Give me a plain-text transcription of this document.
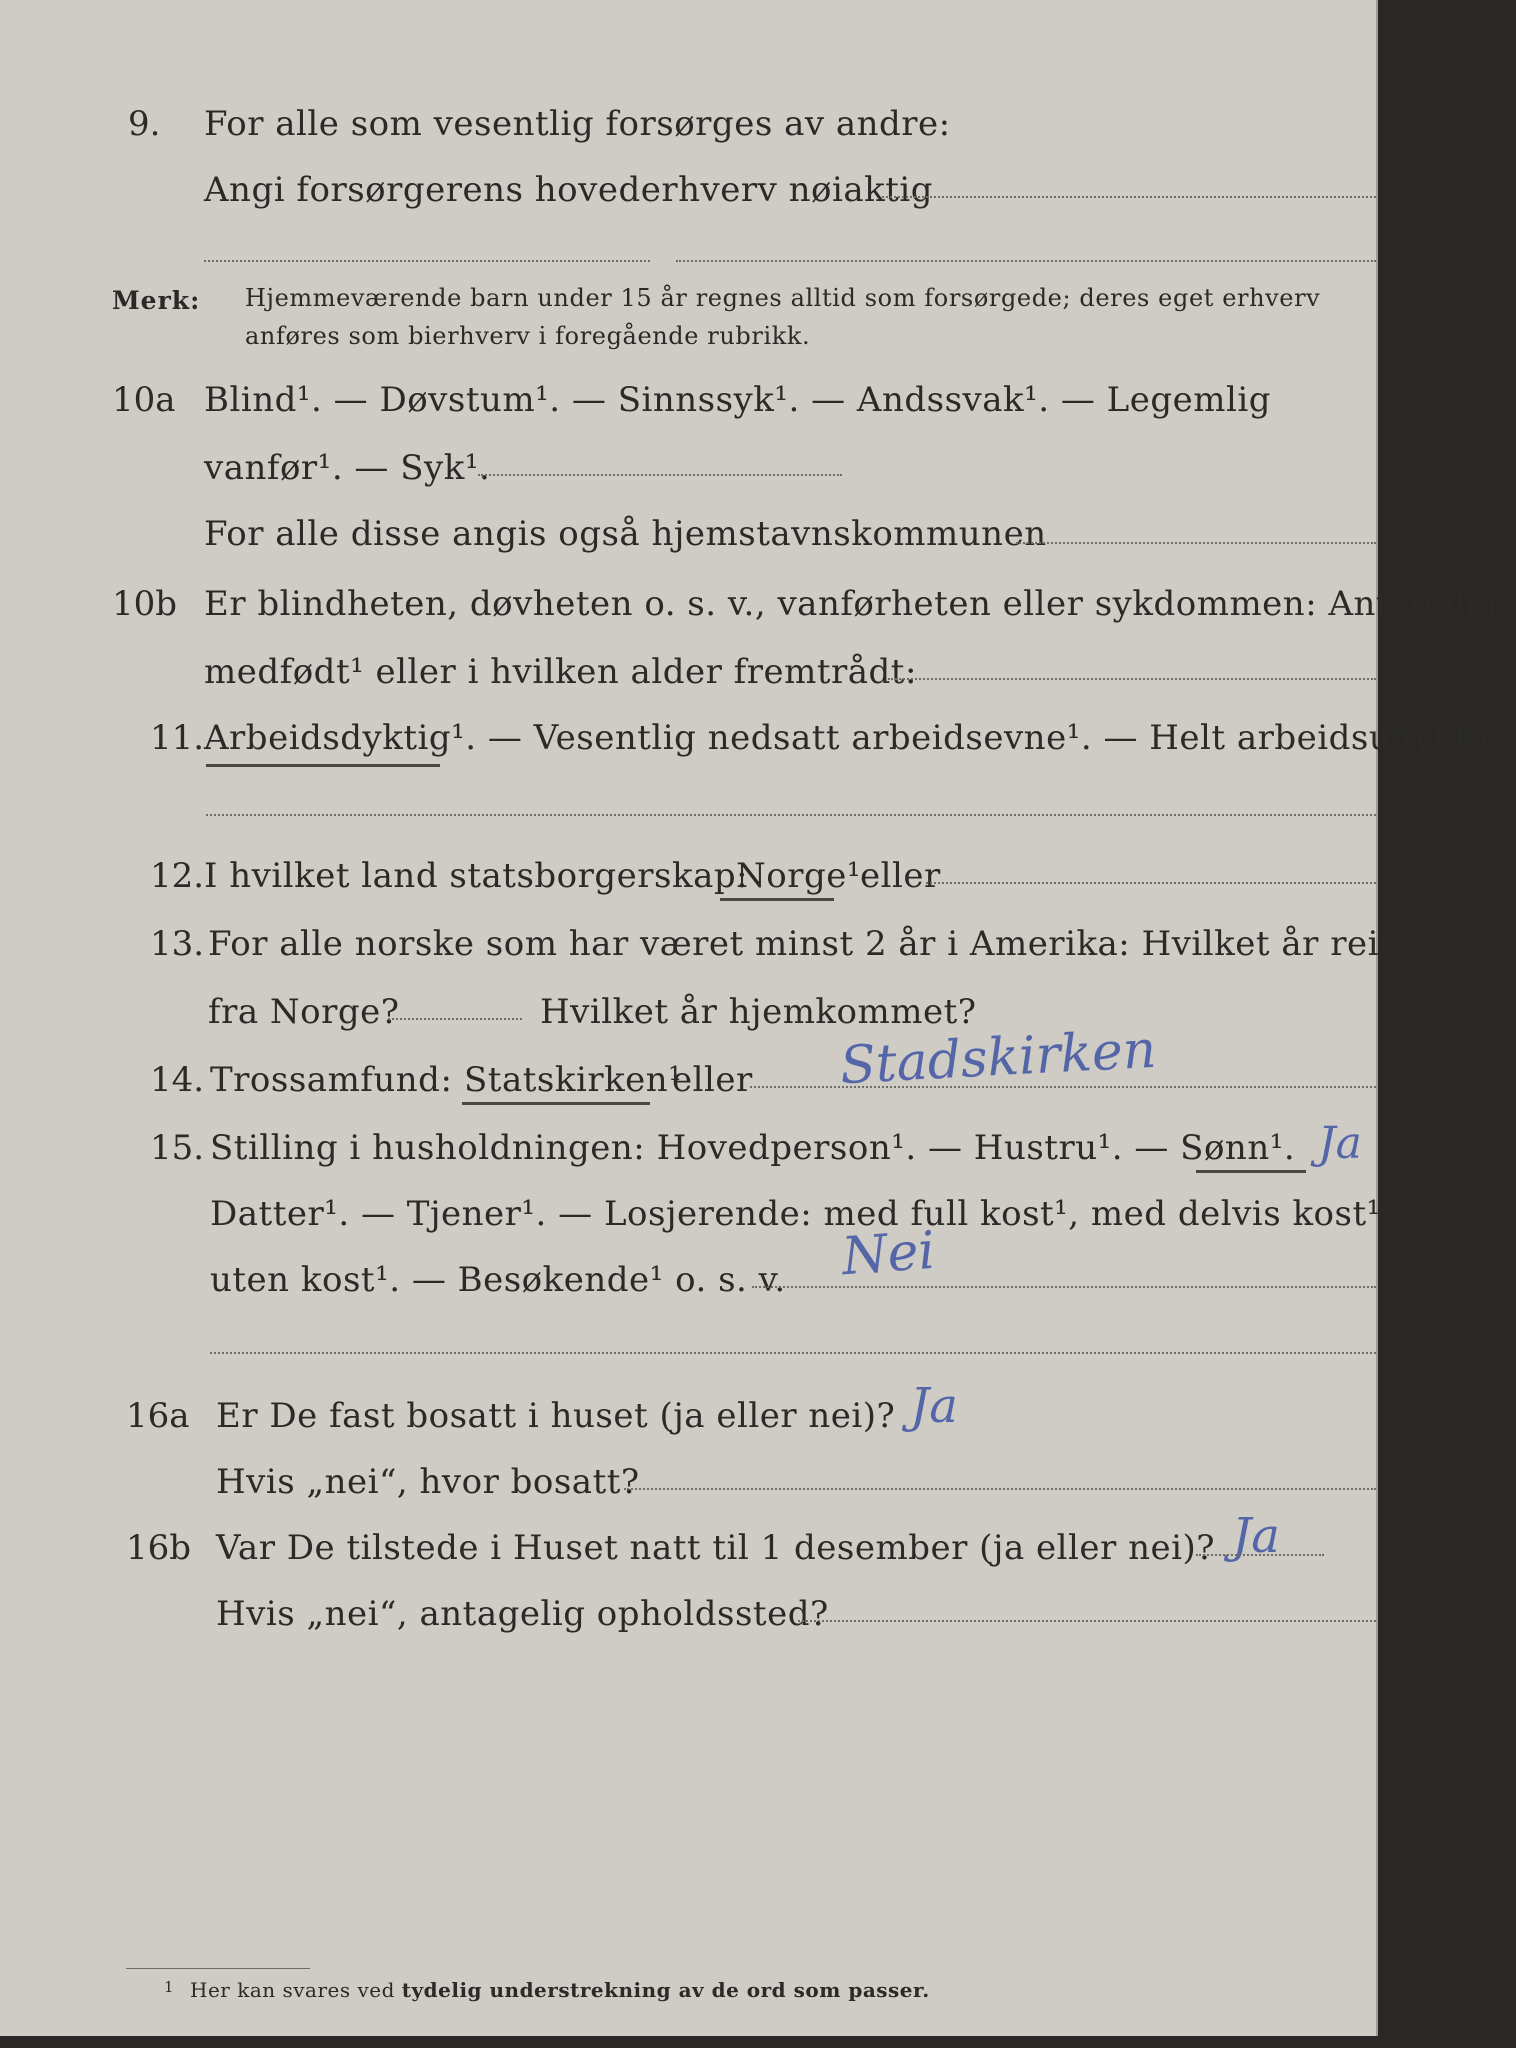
9. For alle som vesentlig forsørges av andre:
Angi forsørgerens hovederhverv nøiaktig
Merk: Hjemmeværende barn under 15 år regnes alltid som forsørgede; deres eget erhverv
anføres som bierhverv i foregående rubrikk.
10a Blind¹. — Døvstum¹. — Sinnssyk¹. — Andssvak¹. — Legemlig
vanfør¹. — Syk¹.
For alle disse angis også hjemstavnskommunen
10b Er blindheten, døvheten o. s. v., vanførheten eller sykdommen: Antagelig
medfødt¹ eller i hvilken alder fremtrådt:
11. Arbeidsdyktig¹. — Vesentlig nedsatt arbeidsevne¹. — Helt arbeidsudyktig¹
12. I hvilket land statsborgerskap:
Norge¹ eller
13. For alle norske som har været minst 2 år i Amerika: Hvilket år reis
fra Norge?	Hvilket år hjemkommet?
14. Trossamfund: Statskirken¹
eller Stadskirken
15. Stilling i husholdningen: Hovedperson¹. — Hustru¹. — Sønn¹. Ja
Datter¹. — Tjener¹. — Losjerende: med full kost¹, med delvis kost¹
uten kost¹. — Besøkende¹ o. s. v. Nei
16a Er De fast bosatt i huset (ja eller nei)? Ja
Hvis „nei“, hvor bosatt?
16b Var De tilstede i Huset natt til 1 desember (ja eller nei)? Ja
Hvis „nei“, antagelig opholdssted?
1 Her kan svares ved tydelig understrekning av de ord som passer.
